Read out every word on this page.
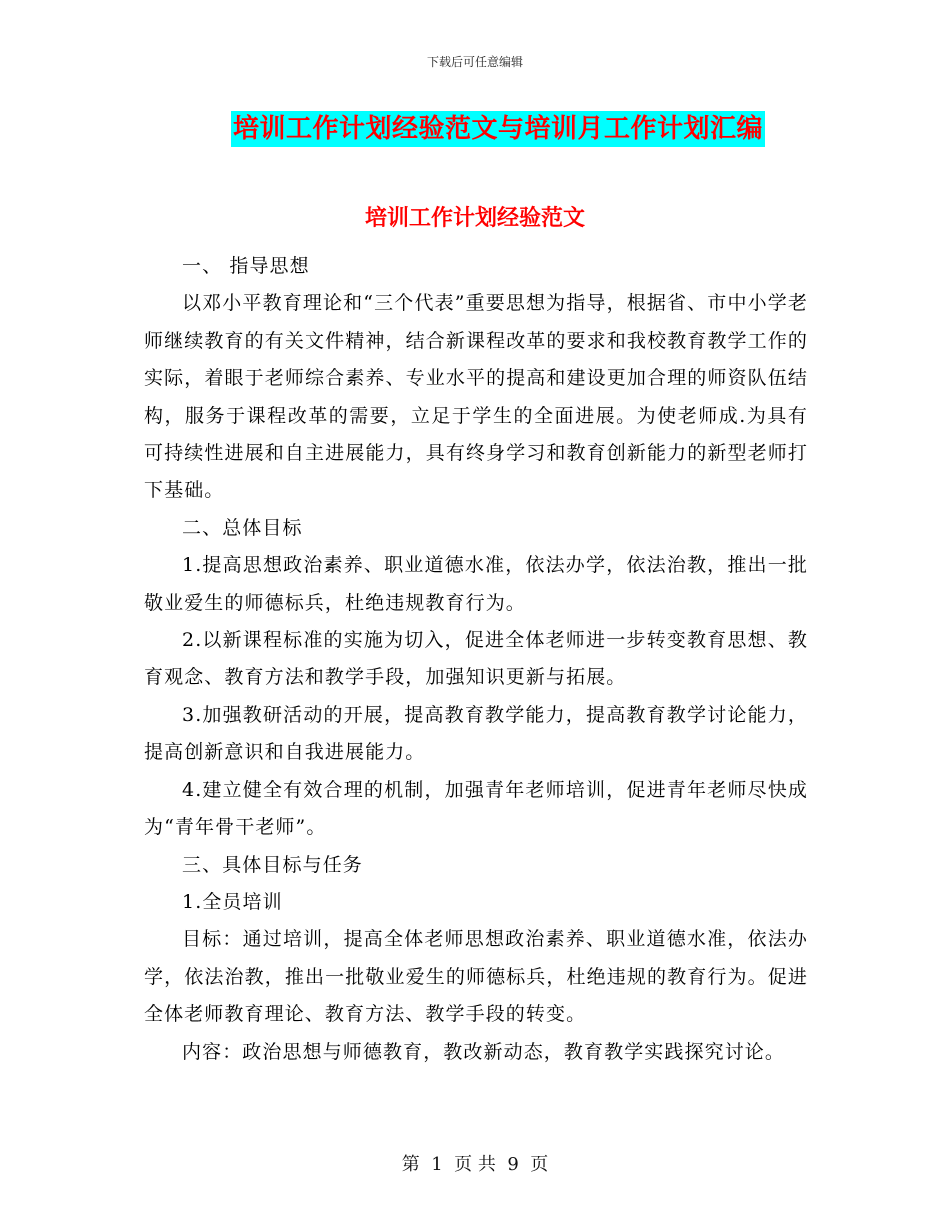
下载后可任意编辑
培训工作计划经验范文与培训月工作计划汇编
培训工作计划经验范文

一、 指导思想

以邓小平教育理论和“三个代表”重要思想为指导，根据省、市中小学老师继续教育的有关文件精神，结合新课程改革的要求和我校教育教学工作的实际，着眼于老师综合素养、专业水平的提高和建设更加合理的师资队伍结构，服务于课程改革的需要，立足于学生的全面进展。为使老师成.为具有可持续性进展和自主进展能力，具有终身学习和教育创新能力的新型老师打下基础。

二、总体目标

1.提高思想政治素养、职业道德水准，依法办学，依法治教，推出一批敬业爱生的师德标兵，杜绝违规教育行为。

2.以新课程标准的实施为切入，促进全体老师进一步转变教育思想、教育观念、教育方法和教学手段，加强知识更新与拓展。

3.加强教研活动的开展，提高教育教学能力，提高教育教学讨论能力，提高创新意识和自我进展能力。

4.建立健全有效合理的机制，加强青年老师培训，促进青年老师尽快成为“青年骨干老师”。

三、具体目标与任务

1.全员培训

目标：通过培训，提高全体老师思想政治素养、职业道德水准，依法办学，依法治教，推出一批敬业爱生的师德标兵，杜绝违规的教育行为。促进全体老师教育理论、教育方法、教学手段的转变。

内容：政治思想与师德教育，教改新动态，教育教学实践探究讨论。

第 1 页 共 9 页
